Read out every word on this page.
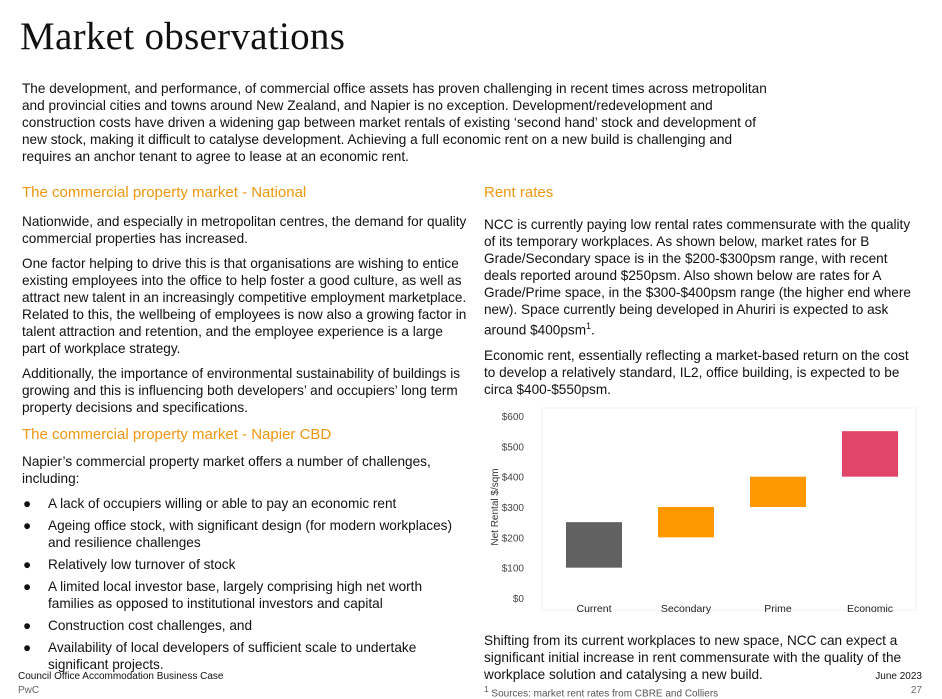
Market observations
The development, and performance, of commercial office assets has proven challenging in recent times across metropolitan and provincial cities and towns around New Zealand, and Napier is no exception. Development/redevelopment and construction costs have driven a widening gap between market rentals of existing ‘second hand’ stock and development of new stock, making it difficult to catalyse development. Achieving a full economic rent on a new build is challenging and requires an anchor tenant to agree to lease at an economic rent.
The commercial property market - National
Nationwide, and especially in metropolitan centres, the demand for quality commercial properties has increased.
One factor helping to drive this is that organisations are wishing to entice existing employees into the office to help foster a good culture, as well as attract new talent in an increasingly competitive employment marketplace. Related to this, the wellbeing of employees is now also a growing factor in talent attraction and retention, and the employee experience is a large part of workplace strategy.
Additionally, the importance of environmental sustainability of buildings is growing and this is influencing both developers’ and occupiers’ long term property decisions and specifications.
The commercial property market - Napier CBD
Napier’s commercial property market offers a number of challenges, including:
● A lack of occupiers willing or able to pay an economic rent
● Ageing office stock, with significant design (for modern workplaces) and resilience challenges
● Relatively low turnover of stock
● A limited local investor base, largely comprising high net worth families as opposed to institutional investors and capital
● Construction cost challenges, and
● Availability of local developers of sufficient scale to undertake significant projects.
Rent rates
NCC is currently paying low rental rates commensurate with the quality of its temporary workplaces. As shown below, market rates for B Grade/Secondary space is in the $200-$300psm range, with recent deals reported around $250psm. Also shown below are rates for A Grade/Prime space, in the $300-$400psm range (the higher end where new). Space currently being developed in Ahuriri is expected to ask around $400psm$^1$.
Economic rent, essentially reflecting a market-based return on the cost to develop a relatively standard, IL2, office building, is expected to be circa $400-$550psm.
$0
$100
$200
$300
$400
$500
$600
Net Rental $/sqm
Current	Secondary	Prime	Economic
Shifting from its current workplaces to new space, NCC can expect a significant initial increase in rent commensurate with the quality of the workplace solution and catalysing a new build.
Council Office Accommodation Business Case	June 2023
PwC	$^1$ Sources: market rent rates from CBRE and Colliers	27
